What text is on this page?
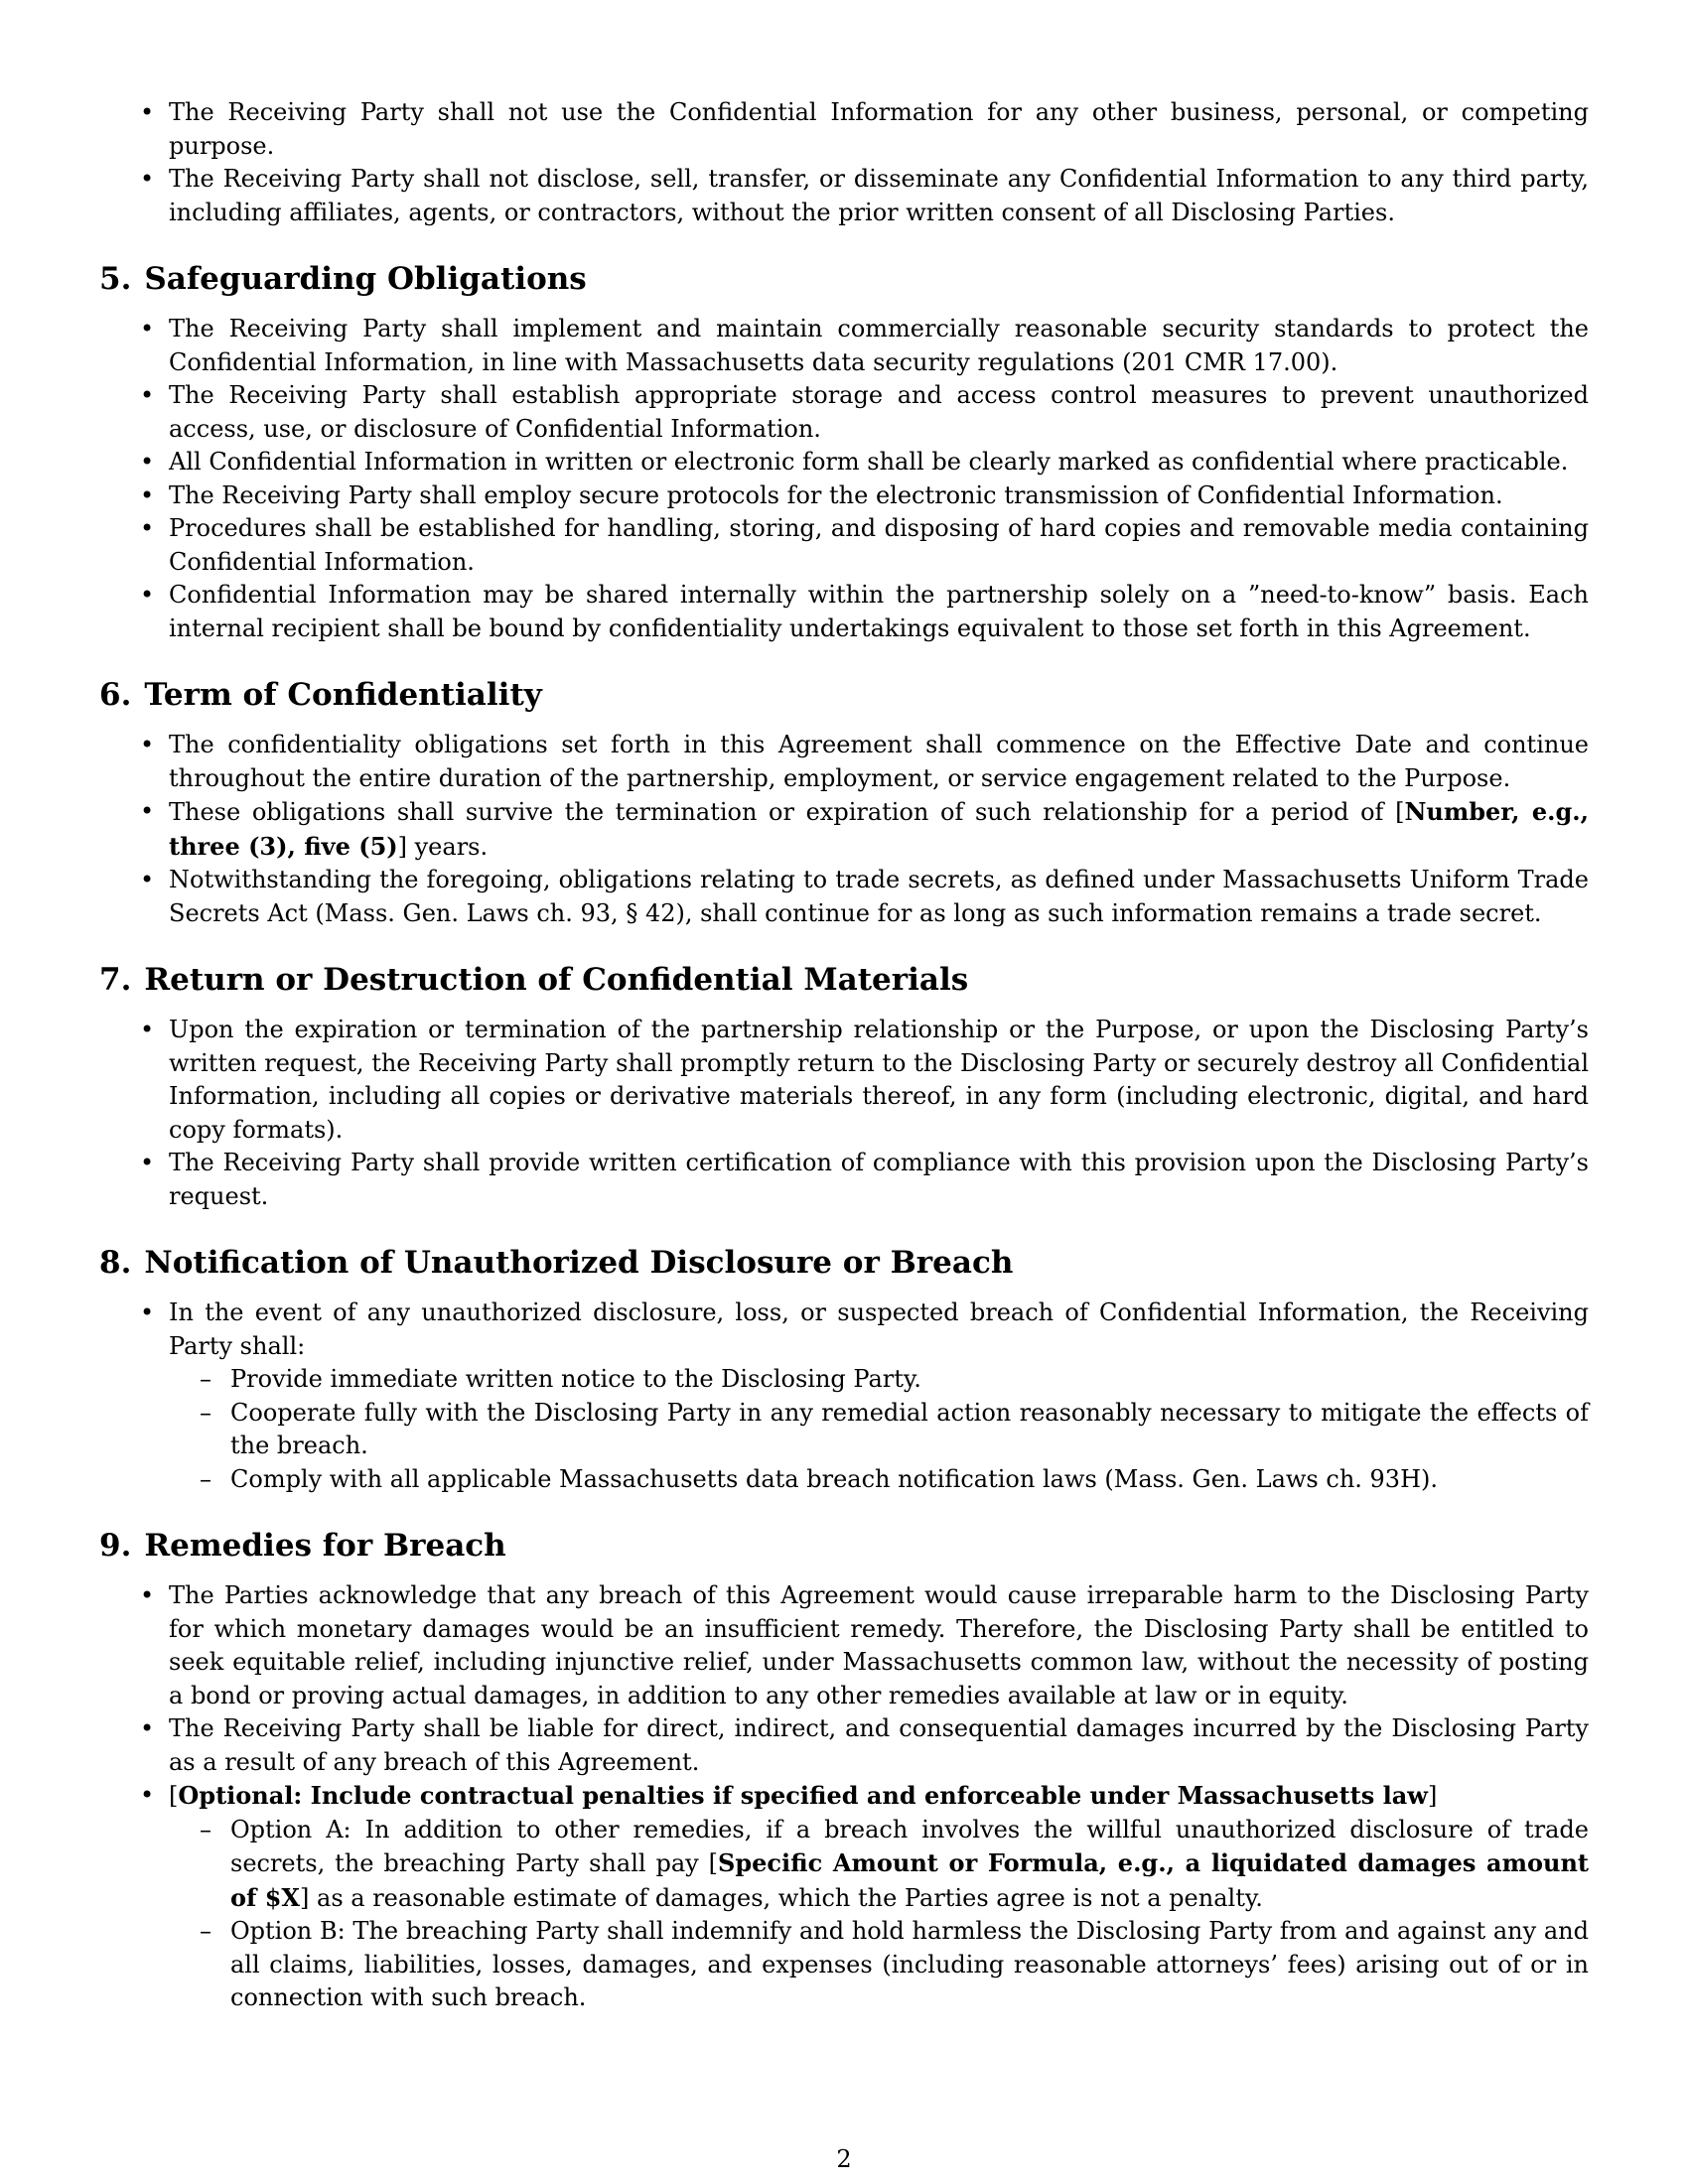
• The Receiving Party shall not use the Confidential Information for any other business, personal, or competing purpose.
• The Receiving Party shall not disclose, sell, transfer, or disseminate any Confidential Information to any third party, including affiliates, agents, or contractors, without the prior written consent of all Disclosing Parties.
5. Safeguarding Obligations
• The Receiving Party shall implement and maintain commercially reasonable security standards to protect the Confidential Information, in line with Massachusetts data security regulations (201 CMR 17.00).
• The Receiving Party shall establish appropriate storage and access control measures to prevent unauthorized access, use, or disclosure of Confidential Information.
• All Confidential Information in written or electronic form shall be clearly marked as confidential where practicable.
• The Receiving Party shall employ secure protocols for the electronic transmission of Confidential Information.
• Procedures shall be established for handling, storing, and disposing of hard copies and removable media containing Confidential Information.
• Confidential Information may be shared internally within the partnership solely on a ”need-to-know” basis. Each internal recipient shall be bound by confidentiality undertakings equivalent to those set forth in this Agreement.
6. Term of Confidentiality
• The confidentiality obligations set forth in this Agreement shall commence on the Effective Date and continue throughout the entire duration of the partnership, employment, or service engagement related to the Purpose.
• These obligations shall survive the termination or expiration of such relationship for a period of [Number, e.g., three (3), five (5)] years.
• Notwithstanding the foregoing, obligations relating to trade secrets, as defined under Massachusetts Uniform Trade Secrets Act (Mass. Gen. Laws ch. 93, § 42), shall continue for as long as such information remains a trade secret.
7. Return or Destruction of Confidential Materials
• Upon the expiration or termination of the partnership relationship or the Purpose, or upon the Disclosing Party’s written request, the Receiving Party shall promptly return to the Disclosing Party or securely destroy all Confidential Information, including all copies or derivative materials thereof, in any form (including electronic, digital, and hard copy formats).
• The Receiving Party shall provide written certification of compliance with this provision upon the Disclosing Party’s request.
8. Notification of Unauthorized Disclosure or Breach
• In the event of any unauthorized disclosure, loss, or suspected breach of Confidential Information, the Receiving Party shall:
– Provide immediate written notice to the Disclosing Party.
– Cooperate fully with the Disclosing Party in any remedial action reasonably necessary to mitigate the effects of the breach.
– Comply with all applicable Massachusetts data breach notification laws (Mass. Gen. Laws ch. 93H).
9. Remedies for Breach
• The Parties acknowledge that any breach of this Agreement would cause irreparable harm to the Disclosing Party for which monetary damages would be an insufficient remedy. Therefore, the Disclosing Party shall be entitled to seek equitable relief, including injunctive relief, under Massachusetts common law, without the necessity of posting a bond or proving actual damages, in addition to any other remedies available at law or in equity.
• The Receiving Party shall be liable for direct, indirect, and consequential damages incurred by the Disclosing Party as a result of any breach of this Agreement.
• [Optional: Include contractual penalties if specified and enforceable under Massachusetts law]
– Option A: In addition to other remedies, if a breach involves the willful unauthorized disclosure of trade secrets, the breaching Party shall pay [Specific Amount or Formula, e.g., a liquidated damages amount of $X] as a reasonable estimate of damages, which the Parties agree is not a penalty.
– Option B: The breaching Party shall indemnify and hold harmless the Disclosing Party from and against any and all claims, liabilities, losses, damages, and expenses (including reasonable attorneys’ fees) arising out of or in connection with such breach.
2
